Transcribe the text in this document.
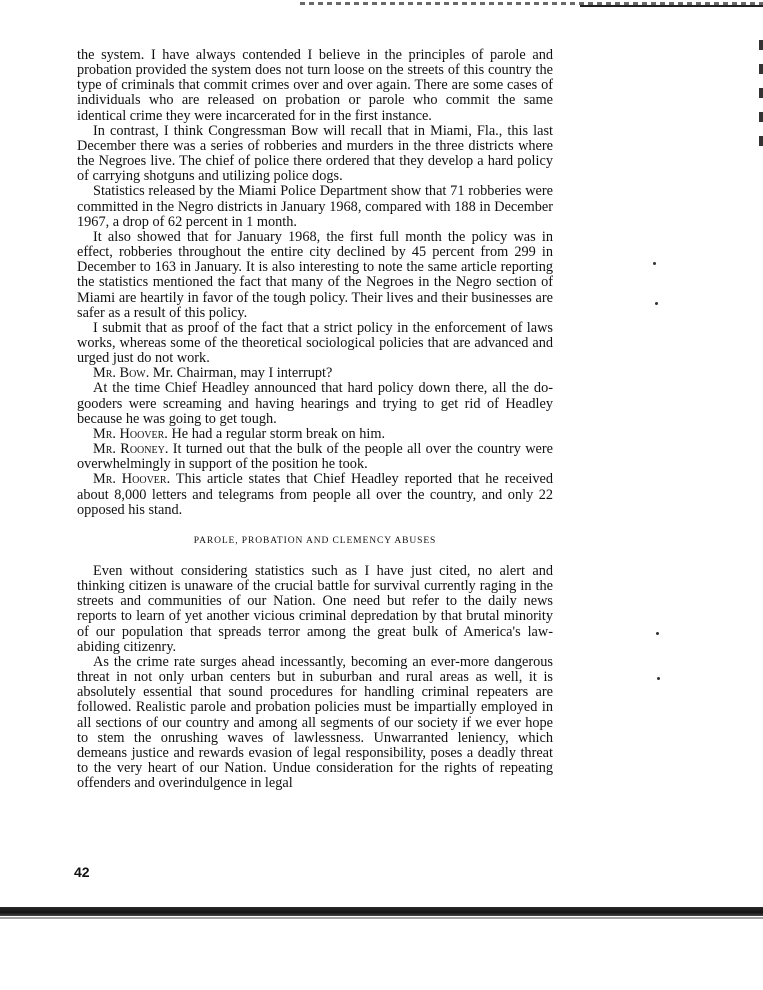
the system. I have always contended I believe in the principles of parole and probation provided the system does not turn loose on the streets of this country the type of criminals that commit crimes over and over again. There are some cases of individuals who are released on probation or parole who commit the same identical crime they were incarcerated for in the first instance.

In contrast, I think Congressman Bow will recall that in Miami, Fla., this last December there was a series of robberies and murders in the three districts where the Negroes live. The chief of police there ordered that they develop a hard policy of carrying shotguns and utilizing police dogs.

Statistics released by the Miami Police Department show that 71 robberies were committed in the Negro districts in January 1968, compared with 188 in December 1967, a drop of 62 percent in 1 month.

It also showed that for January 1968, the first full month the policy was in effect, robberies throughout the entire city declined by 45 percent from 299 in December to 163 in January. It is also interesting to note the same article reporting the statistics mentioned the fact that many of the Negroes in the Negro section of Miami are heartily in favor of the tough policy. Their lives and their businesses are safer as a result of this policy.

I submit that as proof of the fact that a strict policy in the enforcement of laws works, whereas some of the theoretical sociological policies that are advanced and urged just do not work.

Mr. Bow. Mr. Chairman, may I interrupt?

At the time Chief Headley announced that hard policy down there, all the do-gooders were screaming and having hearings and trying to get rid of Headley because he was going to get tough.

Mr. Hoover. He had a regular storm break on him.

Mr. Rooney. It turned out that the bulk of the people all over the country were overwhelmingly in support of the position he took.

Mr. Hoover. This article states that Chief Headley reported that he received about 8,000 letters and telegrams from people all over the country, and only 22 opposed his stand.

PAROLE, PROBATION AND CLEMENCY ABUSES

Even without considering statistics such as I have just cited, no alert and thinking citizen is unaware of the crucial battle for survival currently raging in the streets and communities of our Nation. One need but refer to the daily news reports to learn of yet another vicious criminal depredation by that brutal minority of our population that spreads terror among the great bulk of America's law-abiding citizenry.

As the crime rate surges ahead incessantly, becoming an ever-more dangerous threat in not only urban centers but in suburban and rural areas as well, it is absolutely essential that sound procedures for handling criminal repeaters are followed. Realistic parole and probation policies must be impartially employed in all sections of our country and among all segments of our society if we ever hope to stem the onrushing waves of lawlessness. Unwarranted leniency, which demeans justice and rewards evasion of legal responsibility, poses a deadly threat to the very heart of our Nation. Undue consideration for the rights of repeating offenders and overindulgence in legal

42
